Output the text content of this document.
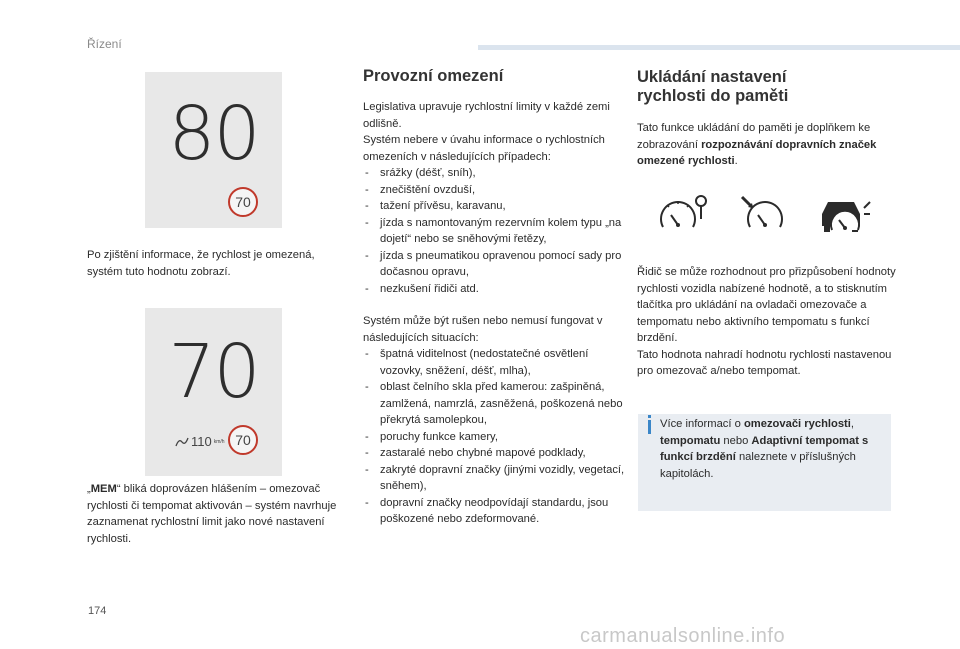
Řízení
80
70
70
110 km/h 70
Po zjištění informace, že rychlost je omezená, systém tuto hodnotu zobrazí.
„MEM“ bliká doprovázen hlášením – omezovač rychlosti či tempomat aktivován – systém navrhuje zaznamenat rychlostní limit jako nové nastavení rychlosti.
Provozní omezení

Legislativa upravuje rychlostní limity v každé zemi odlišně.

Systém nebere v úvahu informace o rychlostních omezeních v následujících případech:

- srážky (déšť, sníh),
- znečištění ovzduší,
- tažení přívěsu, karavanu,
- jízda s namontovaným rezervním kolem typu „na dojetí“ nebo se sněhovými řetězy,
- jízda s pneumatikou opravenou pomocí sady pro dočasnou opravu,
- nezkušení řidiči atd.

Systém může být rušen nebo nemusí fungovat v následujících situacích:

- špatná viditelnost (nedostatečné osvětlení vozovky, sněžení, déšť, mlha),
- oblast čelního skla před kamerou: zašpiněná, zamlžená, namrzlá, zasněžená, poškozená nebo překrytá samolepkou,
- poruchy funkce kamery,
- zastaralé nebo chybné mapové podklady,
- zakryté dopravní značky (jinými vozidly, vegetací, sněhem),
- dopravní značky neodpovídají standardu, jsou poškozené nebo zdeformované.
Ukládání nastavení
rychlosti do paměti
Tato funkce ukládání do paměti je doplňkem ke zobrazování rozpoznávání dopravních značek omezené rychlosti.

Řidič se může rozhodnout pro přizpůsobení hodnoty rychlosti vozidla nabízené hodnotě, a to stisknutím tlačítka pro ukládání na ovladači omezovače a tempomatu nebo aktivního tempomatu s funkcí brzdění.

Tato hodnota nahradí hodnotu rychlosti nastavenou pro omezovač a/nebo tempomat.

Více informací o omezovači rychlosti, tempomatu nebo Adaptivní tempomat s funkcí brzdění naleznete v příslušných kapitolách.
174
carmanualsonline.info
